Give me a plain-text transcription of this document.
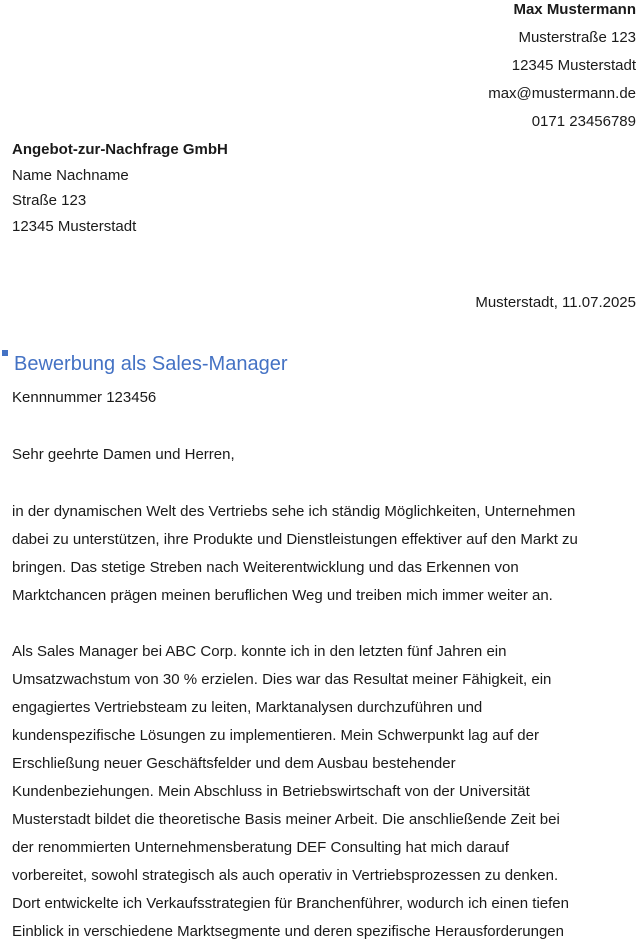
Max Mustermann
Musterstraße 123
12345 Musterstadt
max@mustermann.de
0171 23456789
Angebot-zur-Nachfrage GmbH
Name Nachname
Straße 123
12345 Musterstadt
Musterstadt, 11.07.2025
Bewerbung als Sales-Manager
Kennnummer 123456
Sehr geehrte Damen und Herren,
in der dynamischen Welt des Vertriebs sehe ich ständig Möglichkeiten, Unternehmen
dabei zu unterstützen, ihre Produkte und Dienstleistungen effektiver auf den Markt zu
bringen. Das stetige Streben nach Weiterentwicklung und das Erkennen von
Marktchancen prägen meinen beruflichen Weg und treiben mich immer weiter an.
Als Sales Manager bei ABC Corp. konnte ich in den letzten fünf Jahren ein
Umsatzwachstum von 30 % erzielen. Dies war das Resultat meiner Fähigkeit, ein
engagiertes Vertriebsteam zu leiten, Marktanalysen durchzuführen und
kundenspezifische Lösungen zu implementieren. Mein Schwerpunkt lag auf der
Erschließung neuer Geschäftsfelder und dem Ausbau bestehender
Kundenbeziehungen. Mein Abschluss in Betriebswirtschaft von der Universität
Musterstadt bildet die theoretische Basis meiner Arbeit. Die anschließende Zeit bei
der renommierten Unternehmensberatung DEF Consulting hat mich darauf
vorbereitet, sowohl strategisch als auch operativ in Vertriebsprozessen zu denken.
Dort entwickelte ich Verkaufsstrategien für Branchenführer, wodurch ich einen tiefen
Einblick in verschiedene Marktsegmente und deren spezifische Herausforderungen
